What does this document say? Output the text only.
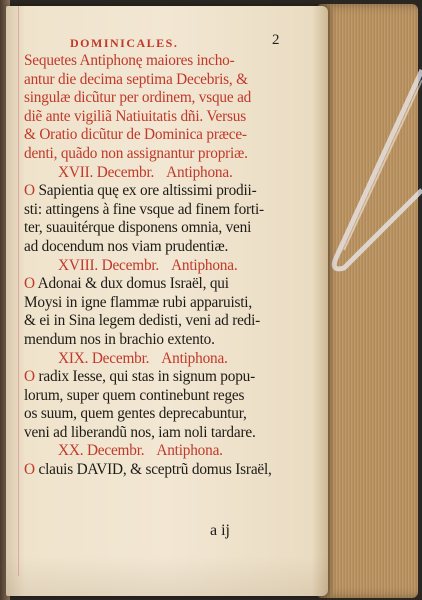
DOMINICALES.	2
Sequetes Antiphonę maiores incho-
antur die decima septima Decebris, &
singulæ dicũtur per ordinem, vsque ad
diẽ ante vigiliã Natiuitatis dñi. Versus
& Oratio dicũtur de Dominica præce-
denti, quãdo non assignantur propriæ.
XVII. Decembr. Antiphona.
O Sapientia quę ex ore altissimi prodii-
sti: attingens à fine vsque ad finem forti-
ter, suauitérque disponens omnia, veni
ad docendum nos viam prudentiæ.
XVIII. Decembr. Antiphona.
O Adonai & dux domus Israël, qui
Moysi in igne flammæ rubi apparuisti,
& ei in Sina legem dedisti, veni ad redi-
mendum nos in brachio extento.
XIX. Decembr. Antiphona.
O radix Iesse, qui stas in signum popu-
lorum, super quem continebunt reges
os suum, quem gentes deprecabuntur,
veni ad liberandũ nos, iam noli tardare.
XX. Decembr. Antiphona.
O clauis DAVID, & sceptrũ domus Israël,
a ij
